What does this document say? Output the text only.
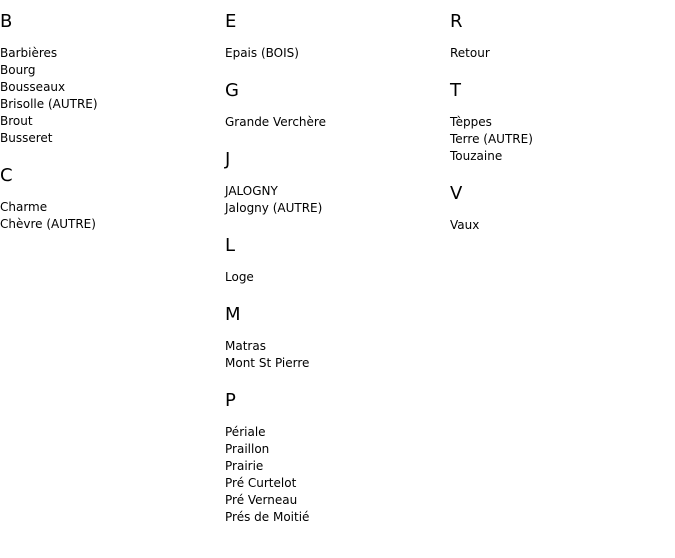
B
Barbières
Bourg
Bousseaux
Brisolle (AUTRE)
Brout
Busseret
C
Charme
Chèvre (AUTRE)
E
Epais (BOIS)
G
Grande Verchère
J
JALOGNY
Jalogny (AUTRE)
L
Loge
M
Matras
Mont St Pierre
P
Périale
Praillon
Prairie
Pré Curtelot
Pré Verneau
Prés de Moitié
R
Retour
T
Tèppes
Terre (AUTRE)
Touzaine
V
Vaux
